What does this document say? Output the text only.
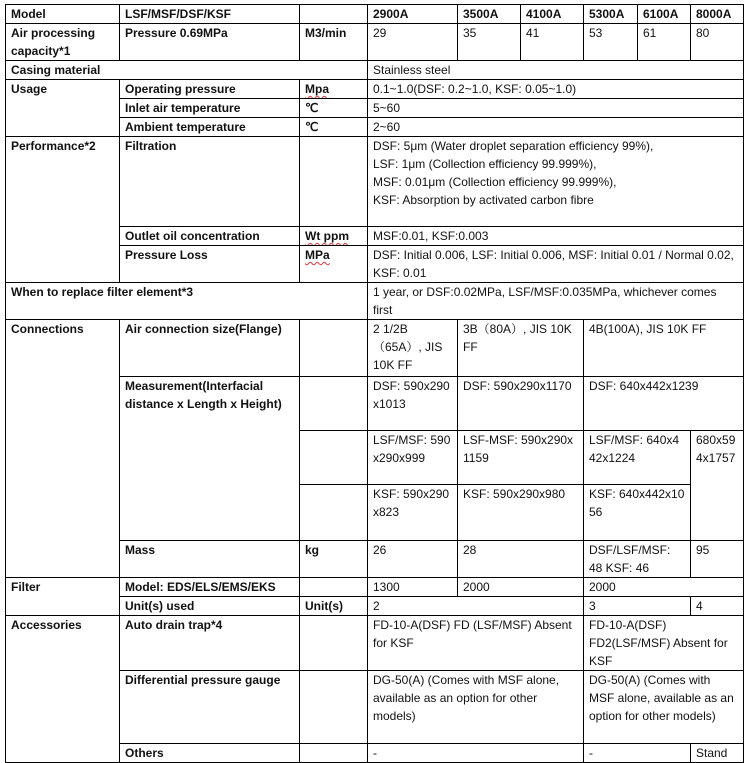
Model	LSF/MSF/DSF/KSF		2900A	3500A	4100A	5300A	6100A	8000A
Air processing capacity*1	Pressure 0.69MPa	M3/min	29	35	41	53	61	80
Casing material			Stainless steel					
Usage	Operating pressure	Mpa	0.1~1.0(DSF: 0.2~1.0, KSF: 0.05~1.0)					
	Inlet air temperature	℃	5~60					
	Ambient temperature	℃	2~60					
Performance*2	Filtration		DSF: 5μm (Water droplet separation efficiency 99%),
LSF: 1μm (Collection efficiency 99.999%),
MSF: 0.01μm (Collection efficiency 99.999%),
KSF: Absorption by activated carbon fibre					

	Outlet oil concentration	Wt ppm	MSF:0.01, KSF:0.003					
	Pressure Loss	MPa	DSF: Initial 0.006, LSF: Initial 0.006, MSF: Initial 0.01 / Normal 0.02, KSF: 0.01					
When to replace filter element*3			1 year, or DSF:0.02MPa, LSF/MSF:0.035MPa, whichever comes first					
Connections	Air connection size(Flange)		2 1/2B （65A）, JIS 10K FF	3B（80A）, JIS 10K FF		4B(100A), JIS 10K FF		
	Measurement(Interfacial distance x Length x Height)		DSF: 590x290x1013	DSF: 590x290x1170		DSF: 640x442x1239		
			LSF/MSF: 590x290x999	LSF-MSF: 590x290x1159		LSF/MSF: 640x442x1224		680x594x1757
			KSF: 590x290x823	KSF: 590x290x980		KSF: 640x442x1056		
	Mass	kg	26	28		DSF/LSF/MSF: 48 KSF: 46		95
Filter	Model: EDS/ELS/EMS/EKS		1300	2000		2000		
	Unit(s) used	Unit(s)	2			3		4
Accessories	Auto drain trap*4		FD-10-A(DSF) FD (LSF/MSF) Absent for KSF			FD-10-A(DSF) FD2(LSF/MSF) Absent for KSF		
	Differential pressure gauge		DG-50(A) (Comes with MSF alone, available as an option for other models)			DG-50(A) (Comes with MSF alone, available as an option for other models)		
	Others		-			-		Stand
